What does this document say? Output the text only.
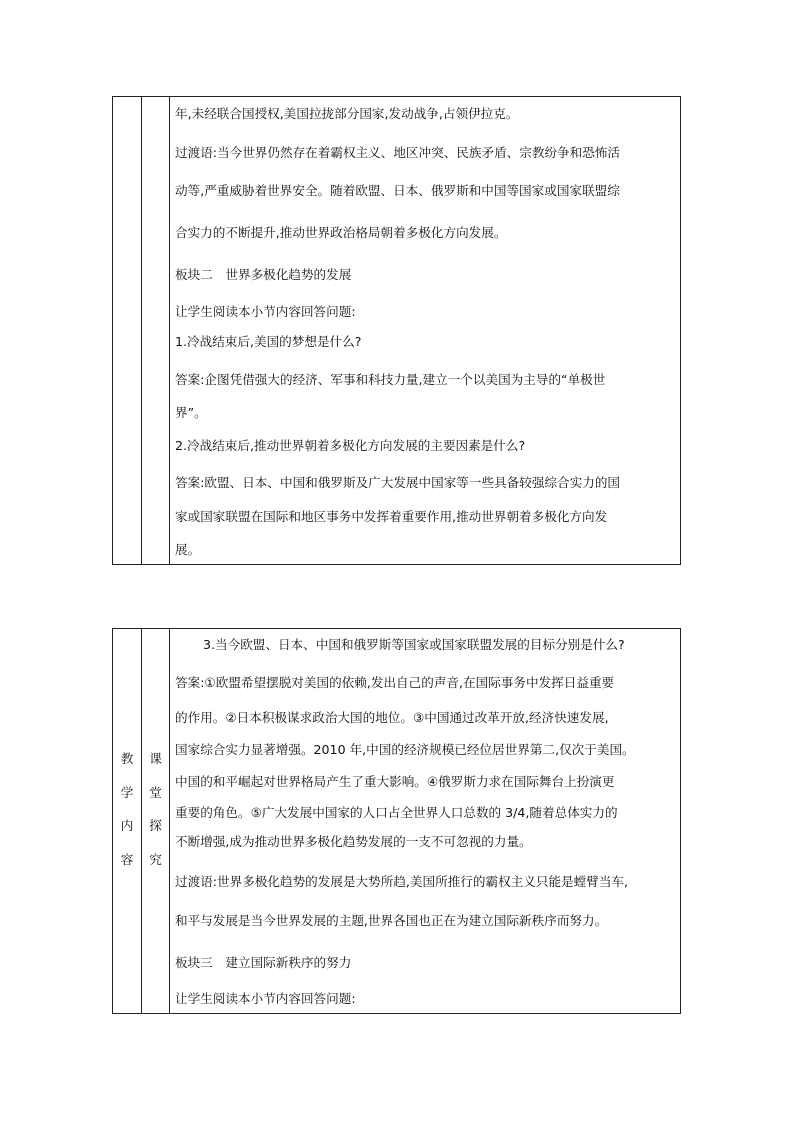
年,未经联合国授权,美国拉拢部分国家,发动战争,占领伊拉克。
过渡语:当今世界仍然存在着霸权主义、地区冲突、民族矛盾、宗教纷争和恐怖活
动等,严重威胁着世界安全。随着欧盟、日本、俄罗斯和中国等国家或国家联盟综
合实力的不断提升,推动世界政治格局朝着多极化方向发展。
板块二　世界多极化趋势的发展
让学生阅读本小节内容回答问题:
1.冷战结束后,美国的梦想是什么?
答案:企图凭借强大的经济、军事和科技力量,建立一个以美国为主导的“单极世
界”。
2.冷战结束后,推动世界朝着多极化方向发展的主要因素是什么?
答案:欧盟、日本、中国和俄罗斯及广大发展中国家等一些具备较强综合实力的国
家或国家联盟在国际和地区事务中发挥着重要作用,推动世界朝着多极化方向发
展。
教
学
内
容
课
堂
探
究
3.当今欧盟、日本、中国和俄罗斯等国家或国家联盟发展的目标分别是什么?
答案:①欧盟希望摆脱对美国的依赖,发出自己的声音,在国际事务中发挥日益重要
的作用。②日本积极谋求政治大国的地位。③中国通过改革开放,经济快速发展,
国家综合实力显著增强。2010 年,中国的经济规模已经位居世界第二,仅次于美国。
中国的和平崛起对世界格局产生了重大影响。④俄罗斯力求在国际舞台上扮演更
重要的角色。⑤广大发展中国家的人口占全世界人口总数的 3/4,随着总体实力的
不断增强,成为推动世界多极化趋势发展的一支不可忽视的力量。
过渡语:世界多极化趋势的发展是大势所趋,美国所推行的霸权主义只能是螳臂当车,
和平与发展是当今世界发展的主题,世界各国也正在为建立国际新秩序而努力。
板块三　建立国际新秩序的努力
让学生阅读本小节内容回答问题:
